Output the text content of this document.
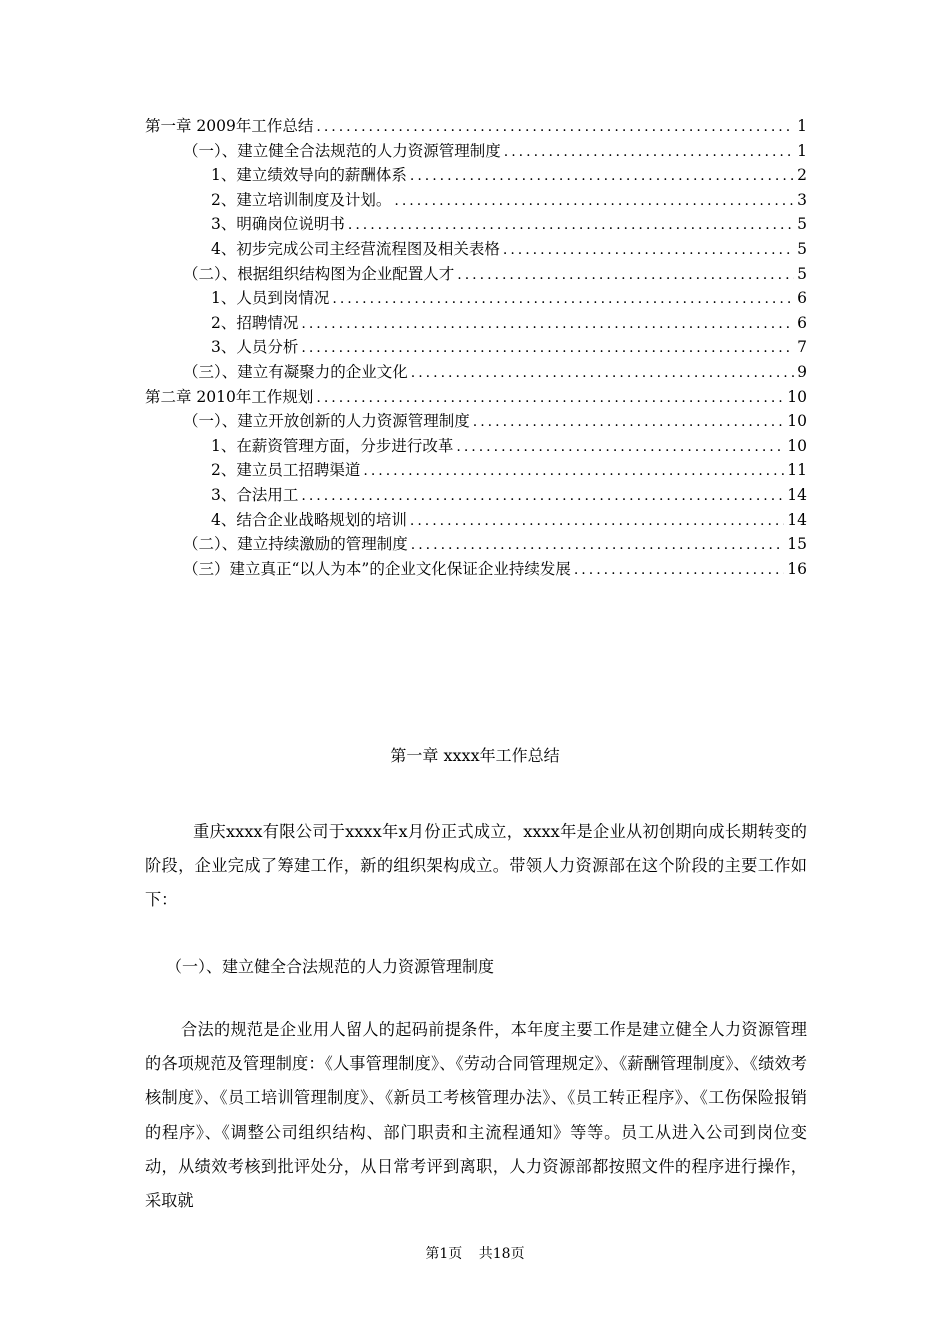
第一章 2009年工作总结 .....	1
（一）、建立健全合法规范的人力资源管理制度 .....	1
1、建立绩效导向的薪酬体系 .....	2
2、建立培训制度及计划。 .....	3
3、明确岗位说明书 .....	5
4、初步完成公司主经营流程图及相关表格 .....	5
（二）、根据组织结构图为企业配置人才 .....	5
1、人员到岗情况 .....	6
2、招聘情况 .....	6
3、人员分析 .....	7
（三）、建立有凝聚力的企业文化 .....	9
第二章 2010年工作规划 .....	10
（一）、建立开放创新的人力资源管理制度 .....	10
1、在薪资管理方面，分步进行改革 .....	10
2、建立员工招聘渠道 .....	11
3、合法用工 .....	14
4、结合企业战略规划的培训 .....	14
（二）、建立持续激励的管理制度 .....	15
（三）建立真正“以人为本”的企业文化保证企业持续发展 .....	16
第一章 xxxx年工作总结

重庆xxxx有限公司于xxxx年x月份正式成立，xxxx年是企业从初创期向成长期转变的阶段，企业完成了筹建工作，新的组织架构成立。带领人力资源部在这个阶段的主要工作如下：

（一）、建立健全合法规范的人力资源管理制度

合法的规范是企业用人留人的起码前提条件，本年度主要工作是建立健全人力资源管理的各项规范及管理制度：《人事管理制度》、《劳动合同管理规定》、《薪酬管理制度》、《绩效考核制度》、《员工培训管理制度》、《新员工考核管理办法》、《员工转正程序》、《工伤保险报销的程序》、《调整公司组织结构、部门职责和主流程通知》等等。员工从进入公司到岗位变动，从绩效考核到批评处分，从日常考评到离职，人力资源部都按照文件的程序进行操作，采取就

第1页 共18页
